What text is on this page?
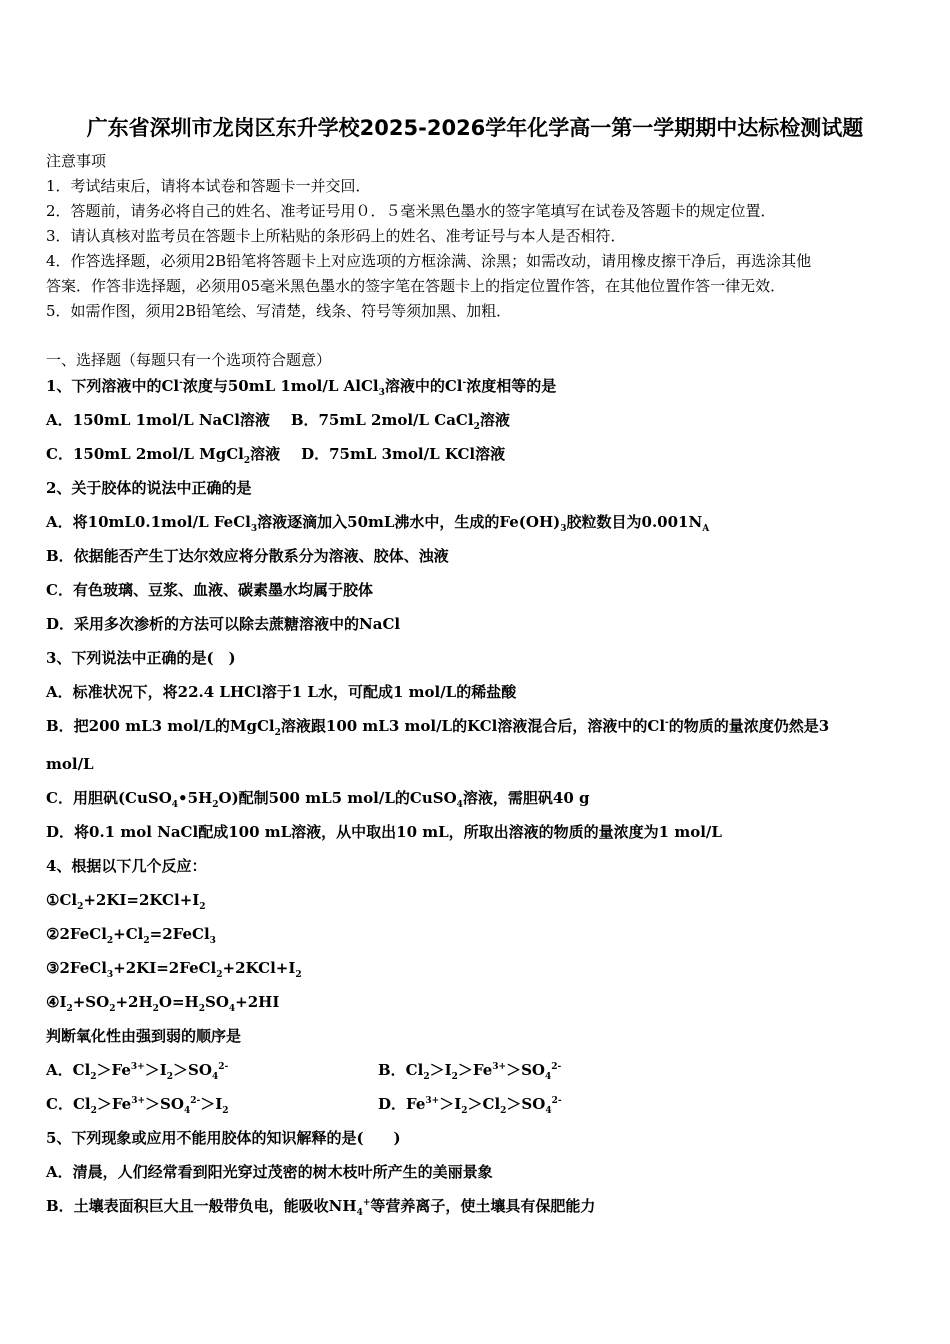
广东省深圳市龙岗区东升学校2025-2026学年化学高一第一学期期中达标检测试题
注意事项
1．考试结束后，请将本试卷和答题卡一并交回．
2．答题前，请务必将自己的姓名、准考证号用０．５毫米黑色墨水的签字笔填写在试卷及答题卡的规定位置．
3．请认真核对监考员在答题卡上所粘贴的条形码上的姓名、准考证号与本人是否相符．
4．作答选择题，必须用2B铅笔将答题卡上对应选项的方框涂满、涂黑；如需改动，请用橡皮擦干净后，再选涂其他
答案．作答非选择题，必须用05毫米黑色墨水的签字笔在答题卡上的指定位置作答，在其他位置作答一律无效．
5．如需作图，须用2B铅笔绘、写清楚，线条、符号等须加黑、加粗．
一、选择题（每题只有一个选项符合题意）
1、下列溶液中的Cl-浓度与50mL 1mol/L AlCl$_3$溶液中的Cl-浓度相等的是
A．150mL 1mol/L NaCl溶液 B．75mL 2mol/L CaCl$_2$溶液
C．150mL 2mol/L MgCl$_2$溶液 D．75mL 3mol/L KCl溶液
2、关于胶体的说法中正确的是
A．将10mL0.1mol/L FeCl$_3$溶液逐滴加入50mL沸水中，生成的$Fe(OH)_3$胶粒数目为$0.001N_A$
B．依据能否产生丁达尔效应将分散系分为溶液、胶体、浊液
C．有色玻璃、豆浆、血液、碳素墨水均属于胶体
D．采用多次渗析的方法可以除去蔗糖溶液中的NaCl
3、下列说法中正确的是(　)
A．标准状况下，将22.4 LHCl溶于1 L水，可配成1 mol/L的稀盐酸
B．把200 mL3 mol/L的MgCl$_2$溶液跟100 mL3 mol/L的KCl溶液混合后，溶液中的Cl-的物质的量浓度仍然是3
mol/L
C．用胆矾$(CuSO_4•5H_2O)$配制500 mL5 mol/L的CuSO$_4$溶液，需胆矾40 g
D．将0.1 mol NaCl配成100 mL溶液，从中取出10 mL，所取出溶液的物质的量浓度为1 mol/L
4、根据以下几个反应：
$①Cl_2+2KI=2KCl+I_2$
$②2FeCl_2+Cl_2=2FeCl_3$
$③2FeCl_3+2KI=2FeCl_2+2KCl+I_2$
$④I_2+SO_2+2H_2O=H_2SO_4+2HI$
判断氧化性由强到弱的顺序是
A．$Cl_2>Fe^{3+}>I_2>SO_4^{2-}$	B．$Cl_2>I_2>Fe^{3+}>SO_4^{2-}$
C．$Cl_2>Fe^{3+}>SO_4^{2-}>I_2$	D．$Fe^{3+}>I_2>Cl_2>SO_4^{2-}$
5、下列现象或应用不能用胶体的知识解释的是(　　)
A．清晨，人们经常看到阳光穿过茂密的树木枝叶所产生的美丽景象
B．土壤表面积巨大且一般带负电，能吸收$NH_4^+$等营养离子，使土壤具有保肥能力
